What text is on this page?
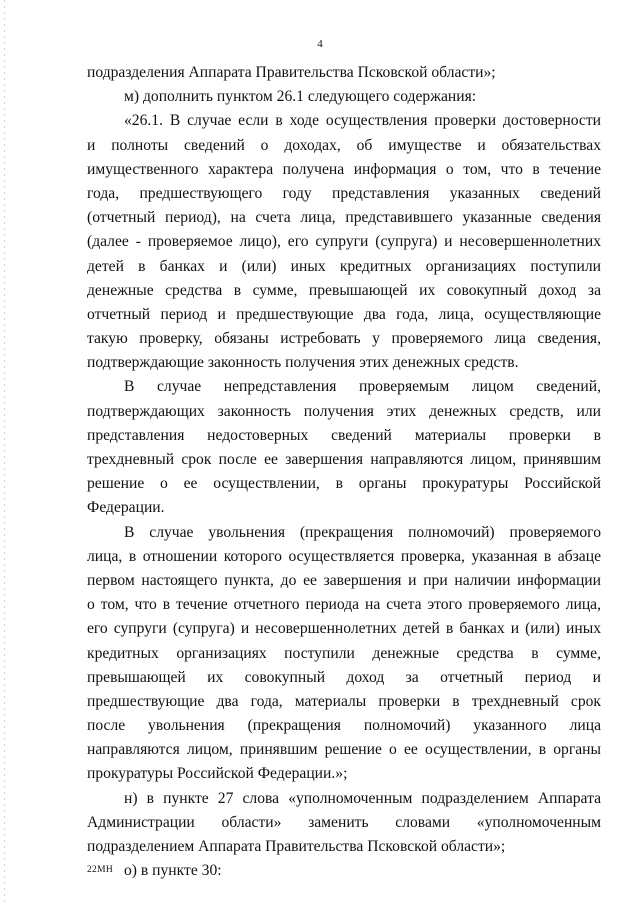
4
подразделения Аппарата Правительства Псковской области»;
м) дополнить пунктом 26.1 следующего содержания:
«26.1. В случае если в ходе осуществления проверки достоверности
и полноты сведений о доходах, об имуществе и обязательствах
имущественного характера получена информация о том, что в течение
года, предшествующего году представления указанных сведений
(отчетный период), на счета лица, представившего указанные сведения
(далее - проверяемое лицо), его супруги (супруга) и несовершеннолетних
детей в банках и (или) иных кредитных организациях поступили
денежные средства в сумме, превышающей их совокупный доход за
отчетный период и предшествующие два года, лица, осуществляющие
такую проверку, обязаны истребовать у проверяемого лица сведения,
подтверждающие законность получения этих денежных средств.
В случае непредставления проверяемым лицом сведений,
подтверждающих законность получения этих денежных средств, или
представления недостоверных сведений материалы проверки в
трехдневный срок после ее завершения направляются лицом, принявшим
решение о ее осуществлении, в органы прокуратуры Российской
Федерации.
В случае увольнения (прекращения полномочий) проверяемого
лица, в отношении которого осуществляется проверка, указанная в абзаце
первом настоящего пункта, до ее завершения и при наличии информации
о том, что в течение отчетного периода на счета этого проверяемого лица,
его супруги (супруга) и несовершеннолетних детей в банках и (или) иных
кредитных организациях поступили денежные средства в сумме,
превышающей их совокупный доход за отчетный период и
предшествующие два года, материалы проверки в трехдневный срок
после увольнения (прекращения полномочий) указанного лица
направляются лицом, принявшим решение о ее осуществлении, в органы
прокуратуры Российской Федерации.»;
н) в пункте 27 слова «уполномоченным подразделением Аппарата
Администрации области» заменить словами «уполномоченным
подразделением Аппарата Правительства Псковской области»;
о) в пункте 30:
22МН
